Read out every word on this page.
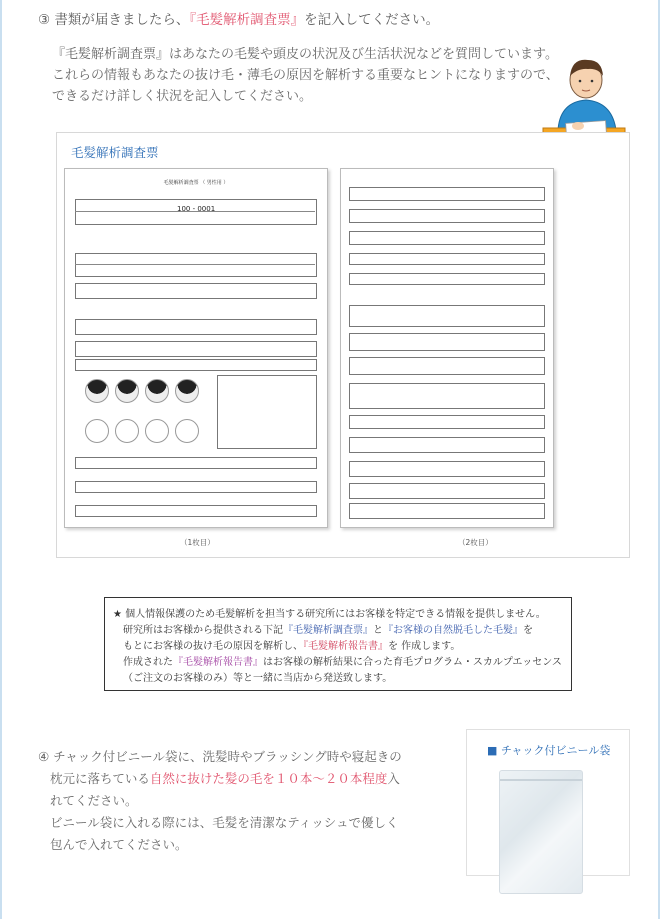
③ 書類が届きましたら、『毛髪解析調査票』を記入してください。
『毛髪解析調査票』はあなたの毛髪や頭皮の状況及び生活状況などを質問しています。
これらの情報もあなたの抜け毛・薄毛の原因を解析する重要なヒントになりますので、
できるだけ詳しく状況を記入してください。
毛髪解析調査票
毛髪解析調査票 （ 男性用 ）
100 - 0001
（1枚目）	（2枚目）
★ 個人情報保護のため毛髪解析を担当する研究所にはお客様を特定できる情報を提供しません。
研究所はお客様から提供される下記『毛髪解析調査票』と『お客様の自然脱毛した毛髪』を
もとにお客様の抜け毛の原因を解析し、『毛髪解析報告書』を 作成します。
作成された『毛髪解析報告書』はお客様の解析結果に合った育毛プログラム・スカルプエッセンス
（ご注文のお客様のみ）等と一緒に当店から発送致します。
④ チャック付ビニール袋に、洗髪時やブラッシング時や寝起きの
枕元に落ちている自然に抜けた髪の毛を１０本～２０本程度入
れてください。
ビニール袋に入れる際には、毛髪を清潔なティッシュで優しく
包んで入れてください。
■ チャック付ビニール袋
